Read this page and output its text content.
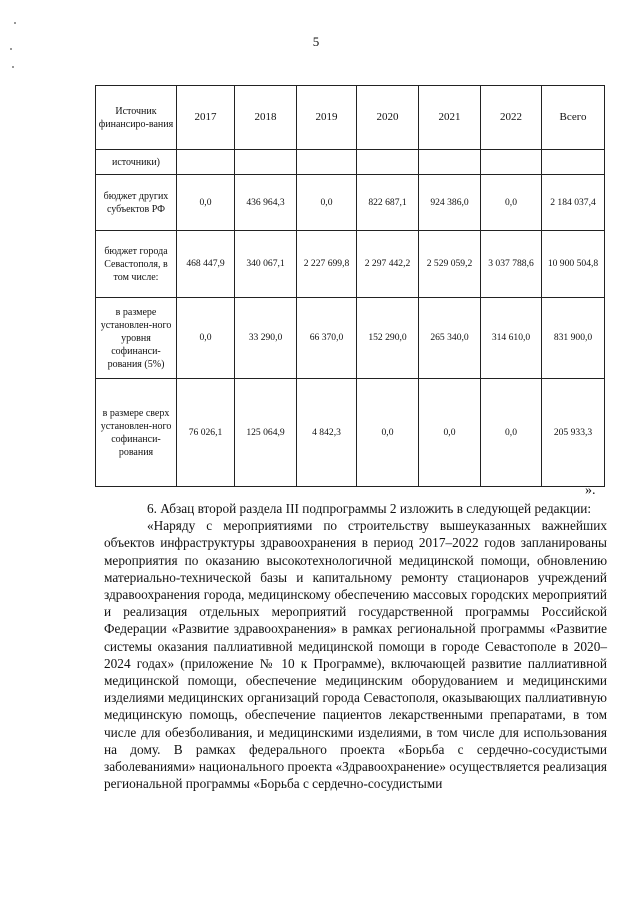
5
Источник финансиро-вания	2017	2018	2019	2020	2021	2022	Всего
источники)							
бюджет других субъектов РФ	0,0	436 964,3	0,0	822 687,1	924 386,0	0,0	2 184 037,4
бюджет города Севастополя, в том числе:	468 447,9	340 067,1	2 227 699,8	2 297 442,2	2 529 059,2	3 037 788,6	10 900 504,8
в размере установлен-ного уровня софинанси-рования (5%)	0,0	33 290,0	66 370,0	152 290,0	265 340,0	314 610,0	831 900,0
в размере сверх установлен-ного софинанси-рования	76 026,1	125 064,9	4 842,3	0,0	0,0	0,0	205 933,3
».

6. Абзац второй раздела III подпрограммы 2 изложить в следующей редакции:

«Наряду с мероприятиями по строительству вышеуказанных важнейших объектов инфраструктуры здравоохранения в период 2017–2022 годов запланированы мероприятия по оказанию высокотехнологичной медицинской помощи, обновлению материально-технической базы и капитальному ремонту стационаров учреждений здравоохранения города, медицинскому обеспечению массовых городских мероприятий и реализация отдельных мероприятий государственной программы Российской Федерации «Развитие здравоохранения» в рамках региональной программы «Развитие системы оказания паллиативной медицинской помощи в городе Севастополе в 2020–2024 годах» (приложение № 10 к Программе), включающей развитие паллиативной медицинской помощи, обеспечение медицинским оборудованием и медицинскими изделиями медицинских организаций города Севастополя, оказывающих паллиативную медицинскую помощь, обеспечение пациентов лекарственными препаратами, в том числе для обезболивания, и медицинскими изделиями, в том числе для использования на дому. В рамках федерального проекта «Борьба с сердечно-сосудистыми заболеваниями» национального проекта «Здравоохранение» осуществляется реализация региональной программы «Борьба с сердечно-сосудистыми
